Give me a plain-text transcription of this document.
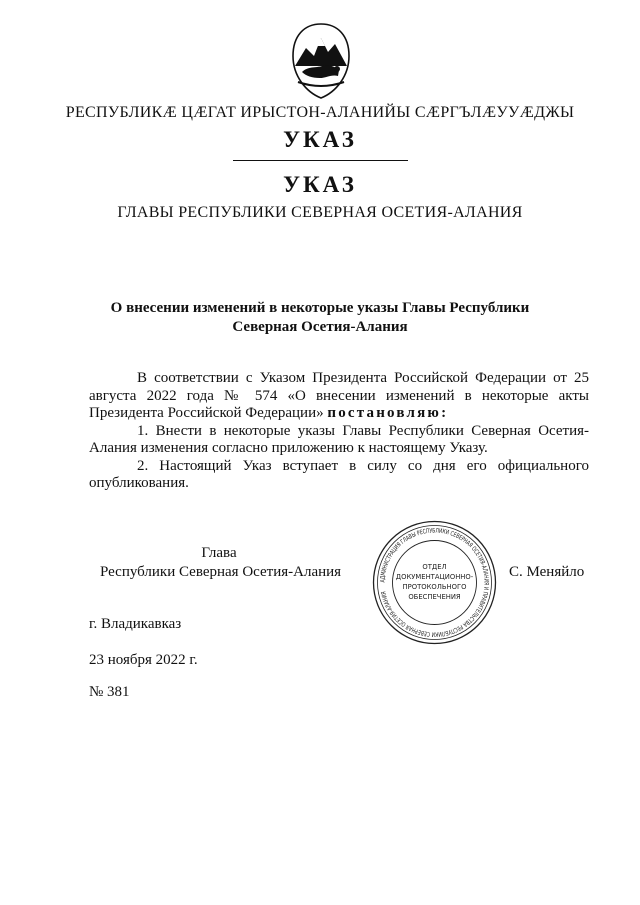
РЕСПУБЛИКÆ ЦÆГАТ ИРЫСТОН-АЛАНИЙЫ СÆРГЪЛÆУУÆДЖЫ
УКАЗ
УКАЗ
ГЛАВЫ РЕСПУБЛИКИ СЕВЕРНАЯ ОСЕТИЯ-АЛАНИЯ
О внесении изменений в некоторые указы Главы Республики Северная Осетия-Алания

В соответствии с Указом Президента Российской Федерации от 25 августа 2022 года № 574 «О внесении изменений в некоторые акты Президента Российской Федерации» постановляю:

1. Внести в некоторые указы Главы Республики Северная Осетия-Алания изменения согласно приложению к настоящему Указу.

2. Настоящий Указ вступает в силу со дня его официального опубликования.

Глава
Республики Северная Осетия-Алания
АДМИНИСТРАЦИЯ ГЛАВЫ РЕСПУБЛИКИ СЕВЕРНАЯ ОСЕТИЯ-АЛАНИЯ И ПРАВИТЕЛЬСТВА РЕСПУБЛИКИ СЕВЕРНАЯ ОСЕТИЯ-АЛАНИЯ
ОТДЕЛ
ДОКУМЕНТАЦИОННО-
ПРОТОКОЛЬНОГО
ОБЕСПЕЧЕНИЯ
С. Меняйло
г. Владикавказ
23 ноября 2022 г.
№ 381
